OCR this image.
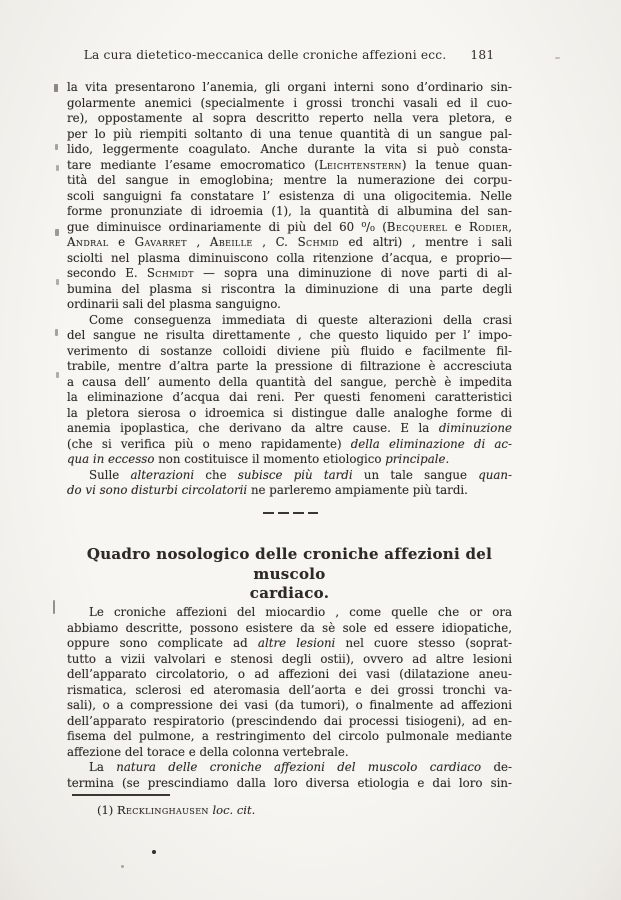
La cura dietetico-meccanica delle croniche affezioni ecc. 181
la vita presentarono l’anemia, gli organi interni sono d’ordinario sin-
golarmente anemici (specialmente i grossi tronchi vasali ed il cuo-
re), oppostamente al sopra descritto reperto nella vera pletora, e
per lo più riempiti soltanto di una tenue quantità di un sangue pal-
lido, leggermente coagulato. Anche durante la vita si può consta-
tare mediante l’esame emocromatico (Leichtenstern) la tenue quan-
tità del sangue in emoglobina; mentre la numerazione dei corpu-
scoli sanguigni fa constatare l’ esistenza di una oligocitemia. Nelle
forme pronunziate di idroemia (1), la quantità di albumina del san-
gue diminuisce ordinariamente di più del 60 ⁰/₀ (Becquerel e Rodier,
Andral e Gavarret , Abeille , C. Schmid ed altri) , mentre i sali
sciolti nel plasma diminuiscono colla ritenzione d’acqua, e proprio—
secondo E. Schmidt — sopra una diminuzione di nove parti di al-
bumina del plasma si riscontra la diminuzione di una parte degli
ordinarii sali del plasma sanguigno.
Come conseguenza immediata di queste alterazioni della crasi
del sangue ne risulta direttamente , che questo liquido per l’ impo-
verimento di sostanze colloidi diviene più fluido e facilmente fil-
trabile, mentre d’altra parte la pressione di filtrazione è accresciuta
a causa dell’ aumento della quantità del sangue, perchè è impedita
la eliminazione d’acqua dai reni. Per questi fenomeni caratteristici
la pletora sierosa o idroemica si distingue dalle analoghe forme di
anemia ipoplastica, che derivano da altre cause. E la diminuzione
(che si verifica più o meno rapidamente) della eliminazione di ac-
qua in eccesso non costituisce il momento etiologico principale.
Sulle alterazioni che subisce più tardi un tale sangue quan-
do vi sono disturbi circolatorii ne parleremo ampiamente più tardi.
Quadro nosologico delle croniche affezioni del muscolo
cardiaco.
Le croniche affezioni del miocardio , come quelle che or ora
abbiamo descritte, possono esistere da sè sole ed essere idiopatiche,
oppure sono complicate ad altre lesioni nel cuore stesso (soprat-
tutto a vizii valvolari e stenosi degli ostii), ovvero ad altre lesioni
dell’apparato circolatorio, o ad affezioni dei vasi (dilatazione aneu-
rismatica, sclerosi ed ateromasia dell’aorta e dei grossi tronchi va-
sali), o a compressione dei vasi (da tumori), o finalmente ad affezioni
dell’apparato respiratorio (prescindendo dai processi tisiogeni), ad en-
fisema del pulmone, a restringimento del circolo pulmonale mediante
affezione del torace e della colonna vertebrale.
La natura delle croniche affezioni del muscolo cardiaco de-
termina (se prescindiamo dalla loro diversa etiologia e dai loro sin-
(1) Recklinghausen loc. cit.
